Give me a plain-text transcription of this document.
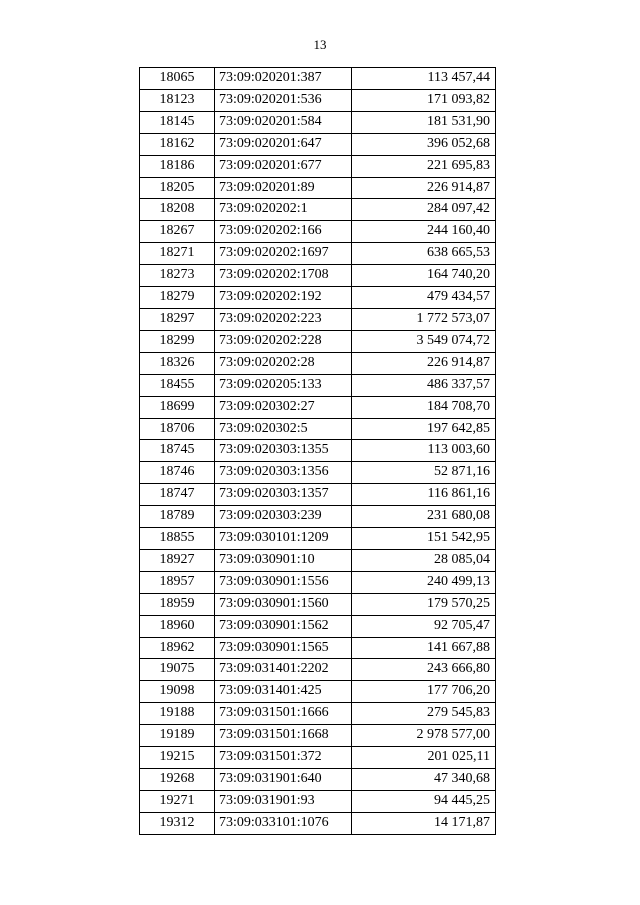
13
18065	73:09:020201:387	113 457,44
18123	73:09:020201:536	171 093,82
18145	73:09:020201:584	181 531,90
18162	73:09:020201:647	396 052,68
18186	73:09:020201:677	221 695,83
18205	73:09:020201:89	226 914,87
18208	73:09:020202:1	284 097,42
18267	73:09:020202:166	244 160,40
18271	73:09:020202:1697	638 665,53
18273	73:09:020202:1708	164 740,20
18279	73:09:020202:192	479 434,57
18297	73:09:020202:223	1 772 573,07
18299	73:09:020202:228	3 549 074,72
18326	73:09:020202:28	226 914,87
18455	73:09:020205:133	486 337,57
18699	73:09:020302:27	184 708,70
18706	73:09:020302:5	197 642,85
18745	73:09:020303:1355	113 003,60
18746	73:09:020303:1356	52 871,16
18747	73:09:020303:1357	116 861,16
18789	73:09:020303:239	231 680,08
18855	73:09:030101:1209	151 542,95
18927	73:09:030901:10	28 085,04
18957	73:09:030901:1556	240 499,13
18959	73:09:030901:1560	179 570,25
18960	73:09:030901:1562	92 705,47
18962	73:09:030901:1565	141 667,88
19075	73:09:031401:2202	243 666,80
19098	73:09:031401:425	177 706,20
19188	73:09:031501:1666	279 545,83
19189	73:09:031501:1668	2 978 577,00
19215	73:09:031501:372	201 025,11
19268	73:09:031901:640	47 340,68
19271	73:09:031901:93	94 445,25
19312	73:09:033101:1076	14 171,87
